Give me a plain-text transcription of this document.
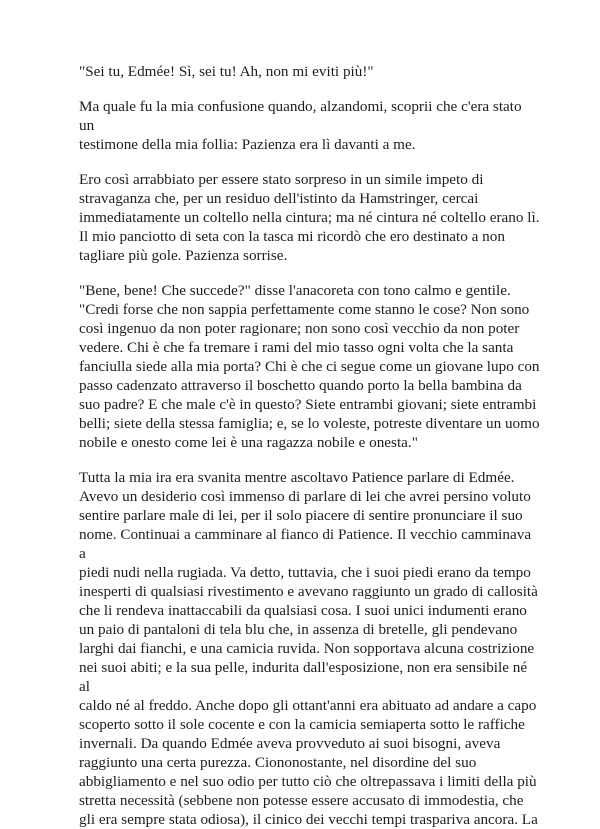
"Sei tu, Edmée! Sì, sei tu! Ah, non mi eviti più!"

Ma quale fu la mia confusione quando, alzandomi, scoprii che c'era stato un
testimone della mia follia: Pazienza era lì davanti a me.

Ero così arrabbiato per essere stato sorpreso in un simile impeto di
stravaganza che, per un residuo dell'istinto da Hamstringer, cercai
immediatamente un coltello nella cintura; ma né cintura né coltello erano lì.
Il mio panciotto di seta con la tasca mi ricordò che ero destinato a non
tagliare più gole. Pazienza sorrise.

"Bene, bene! Che succede?" disse l'anacoreta con tono calmo e gentile.
"Credi forse che non sappia perfettamente come stanno le cose? Non sono
così ingenuo da non poter ragionare; non sono così vecchio da non poter
vedere. Chi è che fa tremare i rami del mio tasso ogni volta che la santa
fanciulla siede alla mia porta? Chi è che ci segue come un giovane lupo con
passo cadenzato attraverso il boschetto quando porto la bella bambina da
suo padre? E che male c'è in questo? Siete entrambi giovani; siete entrambi
belli; siete della stessa famiglia; e, se lo voleste, potreste diventare un uomo
nobile e onesto come lei è una ragazza nobile e onesta."

Tutta la mia ira era svanita mentre ascoltavo Patience parlare di Edmée.
Avevo un desiderio così immenso di parlare di lei che avrei persino voluto
sentire parlare male di lei, per il solo piacere di sentire pronunciare il suo
nome. Continuai a camminare al fianco di Patience. Il vecchio camminava a
piedi nudi nella rugiada. Va detto, tuttavia, che i suoi piedi erano da tempo
inesperti di qualsiasi rivestimento e avevano raggiunto un grado di callosità
che li rendeva inattaccabili da qualsiasi cosa. I suoi unici indumenti erano
un paio di pantaloni di tela blu che, in assenza di bretelle, gli pendevano
larghi dai fianchi, e una camicia ruvida. Non sopportava alcuna costrizione
nei suoi abiti; e la sua pelle, indurita dall'esposizione, non era sensibile né al
caldo né al freddo. Anche dopo gli ottant'anni era abituato ad andare a capo
scoperto sotto il sole cocente e con la camicia semiaperta sotto le raffiche
invernali. Da quando Edmée aveva provveduto ai suoi bisogni, aveva
raggiunto una certa purezza. Ciononostante, nel disordine del suo
abbigliamento e nel suo odio per tutto ciò che oltrepassava i limiti della più
stretta necessità (sebbene non potesse essere accusato di immodestia, che
gli era sempre stata odiosa), il cinico dei vecchi tempi traspariva ancora. La
